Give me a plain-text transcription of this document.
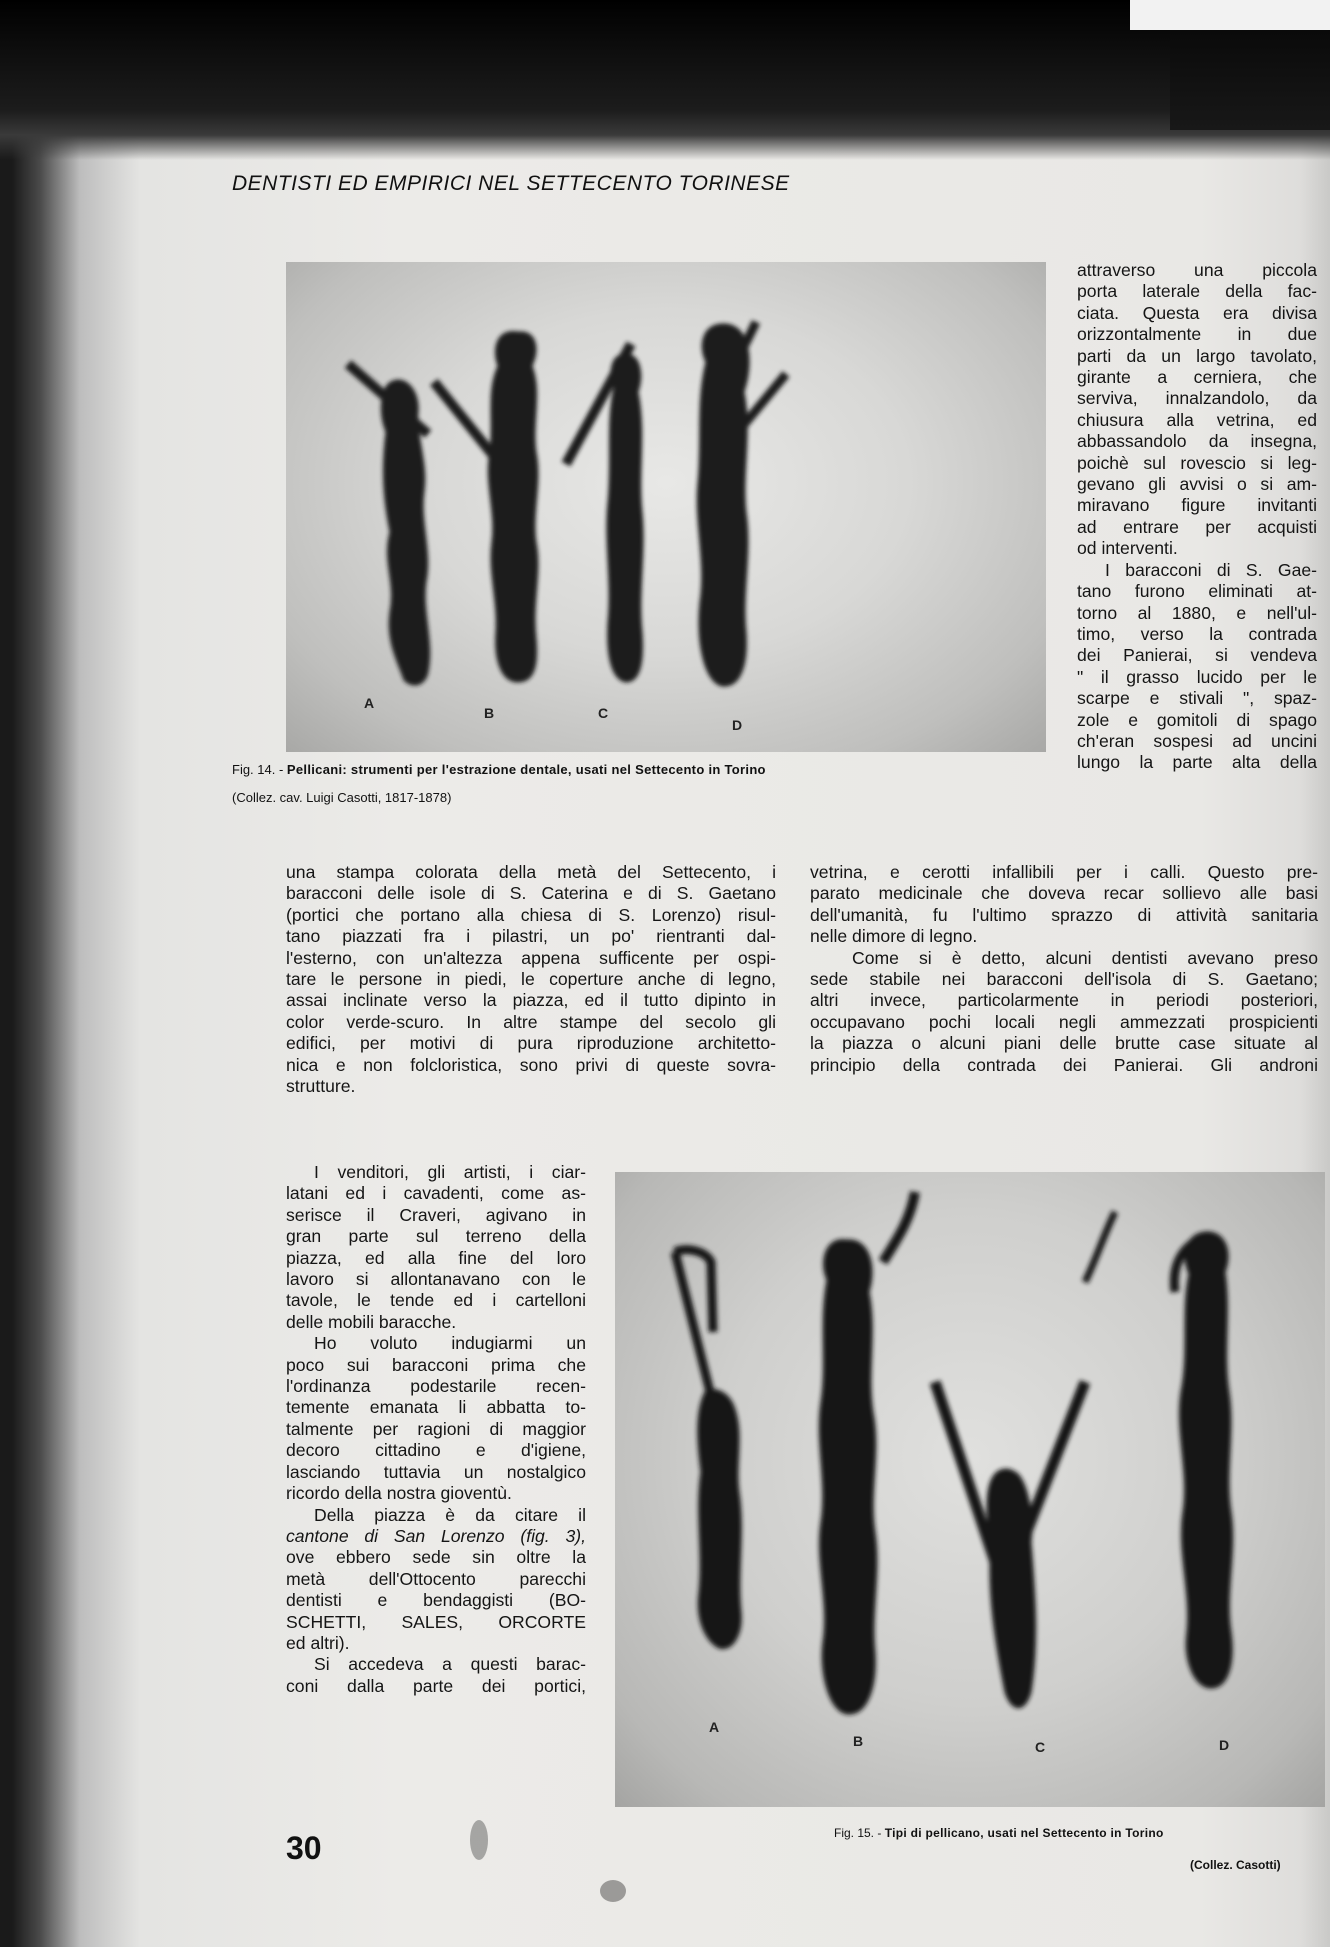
DENTISTI ED EMPIRICI NEL SETTECENTO TORINESE
A
B	C
D
Fig. 14. - Pellicani: strumenti per l'estrazione dentale, usati nel Settecento in Torino
(Collez. cav. Luigi Casotti, 1817-1878)
attraverso una piccola
porta laterale della fac-
ciata. Questa era divisa
orizzontalmente in due
parti da un largo tavolato,
girante a cerniera, che
serviva, innalzandolo, da
chiusura alla vetrina, ed
abbassandolo da insegna,
poichè sul rovescio si leg-
gevano gli avvisi o si am-
miravano figure invitanti
ad entrare per acquisti
od interventi.
I baracconi di S. Gae-
tano furono eliminati at-
torno al 1880, e nell'ul-
timo, verso la contrada
dei Panierai, si vendeva
" il grasso lucido per le
scarpe e stivali ", spaz-
zole e gomitoli di spago
ch'eran sospesi ad uncini
lungo la parte alta della
una stampa colorata della metà del Settecento, i
baracconi delle isole di S. Caterina e di S. Gaetano
(portici che portano alla chiesa di S. Lorenzo) risul-
tano piazzati fra i pilastri, un po' rientranti dal-
l'esterno, con un'altezza appena sufficente per ospi-
tare le persone in piedi, le coperture anche di legno,
assai inclinate verso la piazza, ed il tutto dipinto in
color verde-scuro. In altre stampe del secolo gli
edifici, per motivi di pura riproduzione architetto-
nica e non folcloristica, sono privi di queste sovra-
strutture.
vetrina, e cerotti infallibili per i calli. Questo pre-
parato medicinale che doveva recar sollievo alle basi
dell'umanità, fu l'ultimo sprazzo di attività sanitaria
nelle dimore di legno.
Come si è detto, alcuni dentisti avevano preso
sede stabile nei baracconi dell'isola di S. Gaetano;
altri invece, particolarmente in periodi posteriori,
occupavano pochi locali negli ammezzati prospicienti
la piazza o alcuni piani delle brutte case situate al
principio della contrada dei Panierai. Gli androni
I venditori, gli artisti, i ciar-
latani ed i cavadenti, come as-
serisce il Craveri, agivano in
gran parte sul terreno della
piazza, ed alla fine del loro
lavoro si allontanavano con le
tavole, le tende ed i cartelloni
delle mobili baracche.
Ho voluto indugiarmi un
poco sui baracconi prima che
l'ordinanza podestarile recen-
temente emanata li abbatta to-
talmente per ragioni di maggior
decoro cittadino e d'igiene,
lasciando tuttavia un nostalgico
ricordo della nostra gioventù.
Della piazza è da citare il
cantone di San Lorenzo (fig. 3),
ove ebbero sede sin oltre la
metà dell'Ottocento parecchi
dentisti e bendaggisti (BO-
SCHETTI, SALES, ORCORTE
ed altri).
Si accedeva a questi barac-
coni dalla parte dei portici,
A
B	C	D
Fig. 15. - Tipi di pellicano, usati nel Settecento in Torino
(Collez. Casotti)
30
